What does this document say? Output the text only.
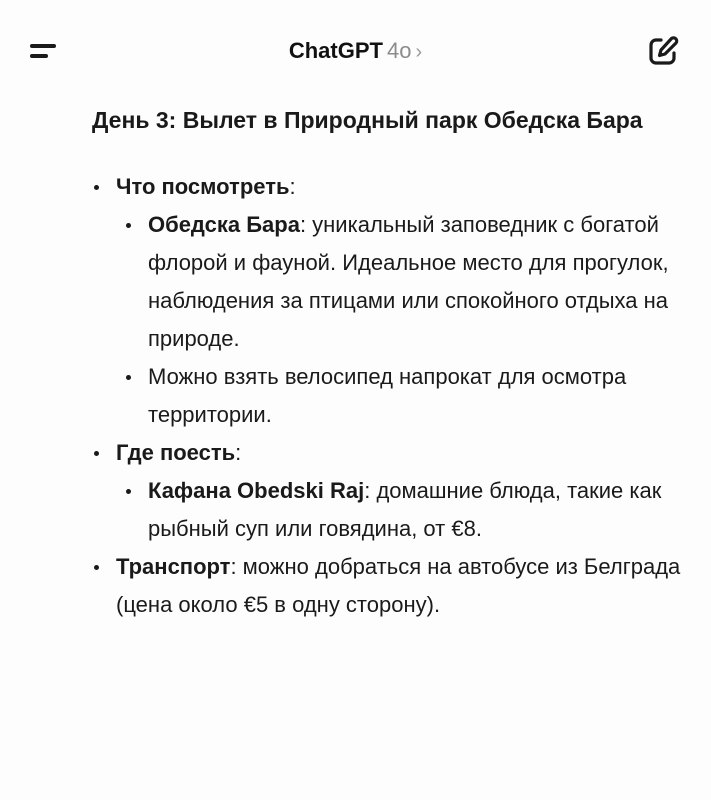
ChatGPT 4o ›
День 3: Вылет в Природный парк Обедска Бара
Что посмотреть:
Обедска Бара: уникальный заповедник с богатой флорой и фауной. Идеальное место для прогулок, наблюдения за птицами или спокойного отдыха на природе.
Можно взять велосипед напрокат для осмотра территории.
Где поесть:
Кафана Obedski Raj: домашние блюда, такие как рыбный суп или говядина, от €8.
Транспорт: можно добраться на автобусе из Белграда (цена около €5 в одну сторону).
